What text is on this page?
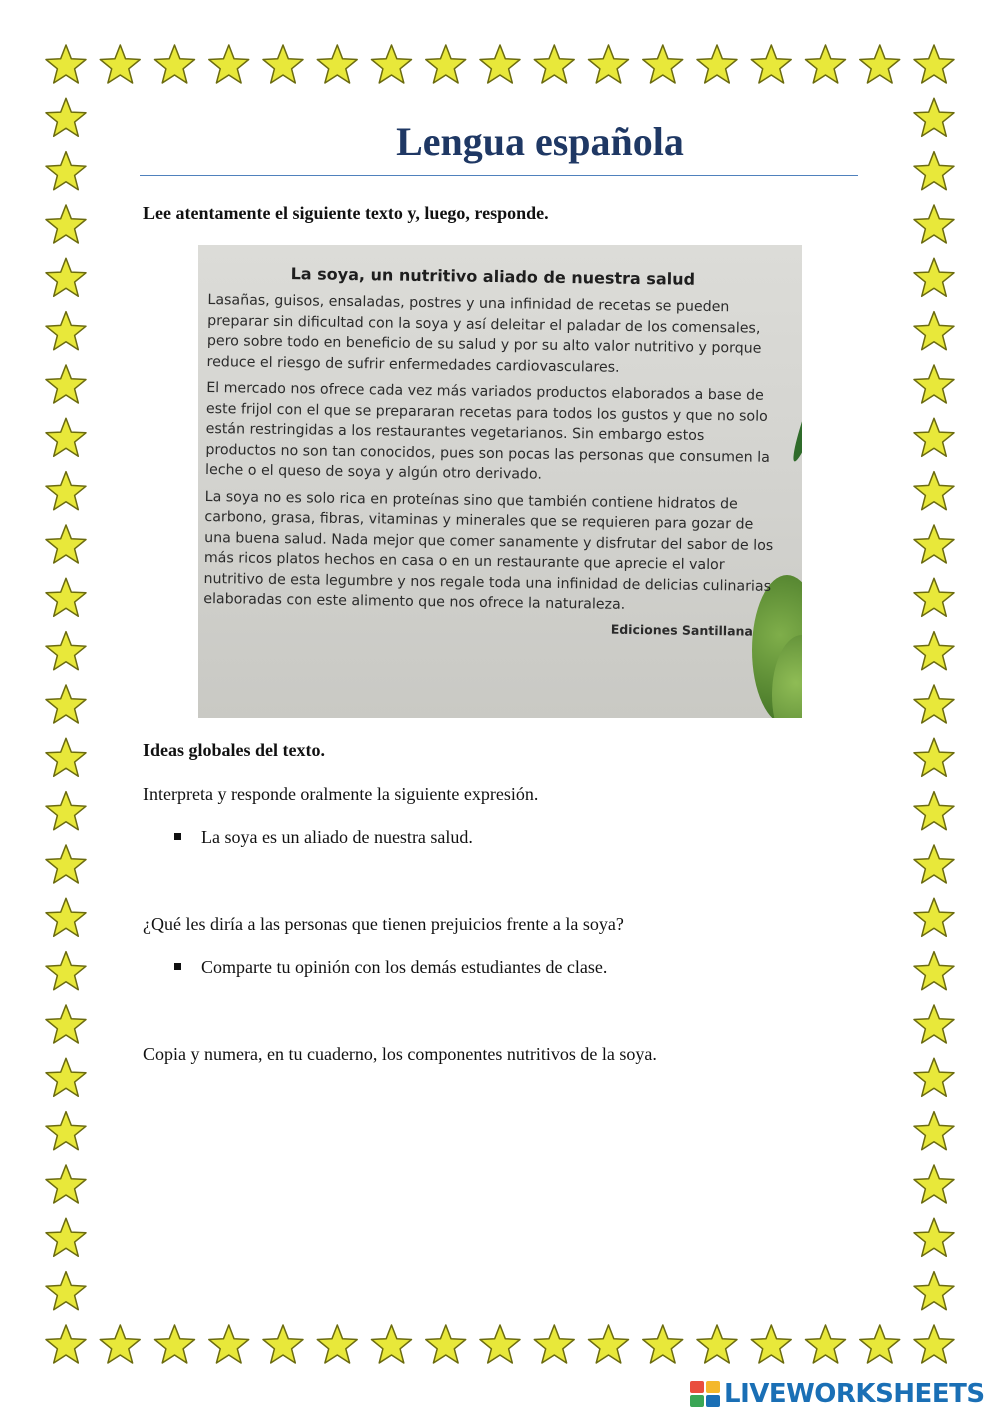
Lengua española
Lee atentamente el siguiente texto y, luego, responde.
La soya, un nutritivo aliado de nuestra salud

Lasañas, guisos, ensaladas, postres y una infinidad de recetas se pueden preparar sin dificultad con la soya y así deleitar el paladar de los comensales, pero sobre todo en beneficio de su salud y por su alto valor nutritivo y porque reduce el riesgo de sufrir enfermedades cardiovasculares.

El mercado nos ofrece cada vez más variados productos elaborados a base de este frijol con el que se prepararan recetas para todos los gustos y que no solo están restringidas a los restaurantes vegetarianos. Sin embargo estos productos no son tan conocidos, pues son pocas las personas que consumen la leche o el queso de soya y algún otro derivado.

La soya no es solo rica en proteínas sino que también contiene hidratos de carbono, grasa, fibras, vitaminas y minerales que se requieren para gozar de una buena salud. Nada mejor que comer sanamente y disfrutar del sabor de los más ricos platos hechos en casa o en un restaurante que aprecie el valor nutritivo de esta legumbre y nos regale toda una infinidad de delicias culinarias elaboradas con este alimento que nos ofrece la naturaleza.

Ediciones Santillana
Ideas globales del texto.
Interpreta y responde oralmente la siguiente expresión.
La soya es un aliado de nuestra salud.
¿Qué les diría a las personas que tienen prejuicios frente a la soya?
Comparte tu opinión con los demás estudiantes de clase.
Copia y numera, en tu cuaderno, los componentes nutritivos de la soya.
LIVEWORKSHEETS
